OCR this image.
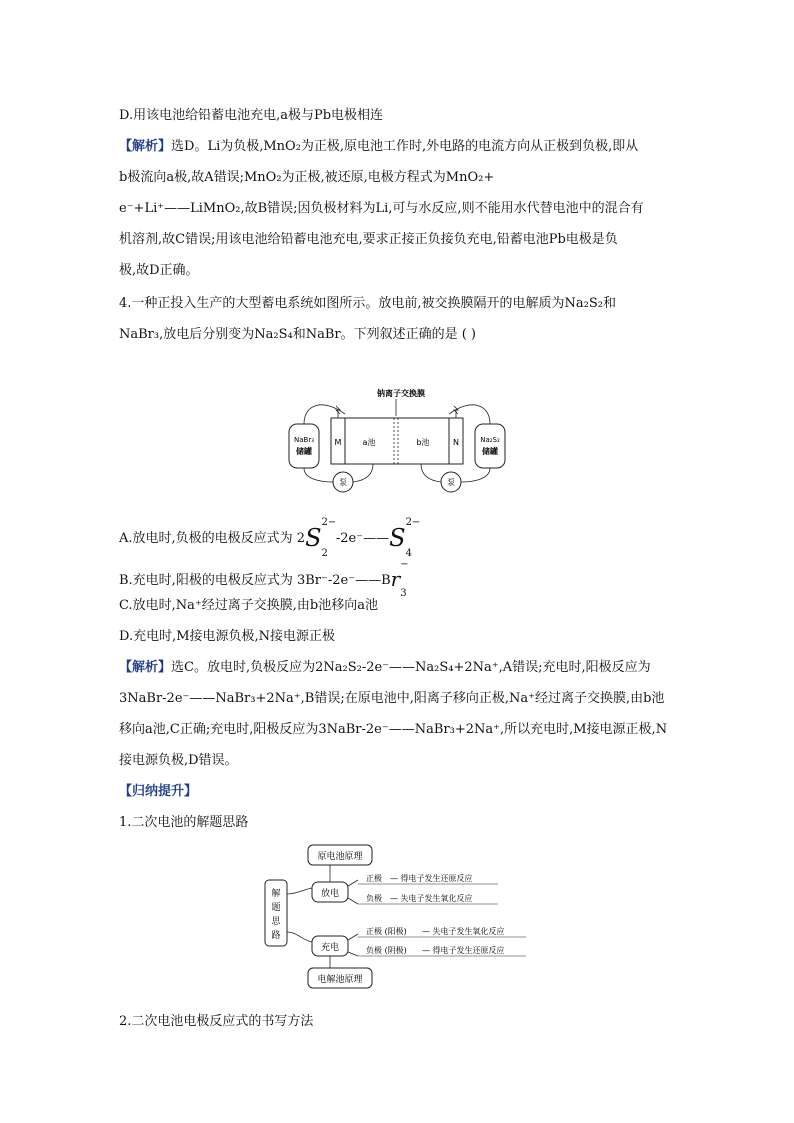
D.用该电池给铅蓄电池充电,a极与Pb电极相连
【解析】选D。Li为负极,MnO₂为正极,原电池工作时,外电路的电流方向从正极到负极,即从
b极流向a极,故A错误;MnO₂为正极,被还原,电极方程式为MnO₂+
e⁻+Li⁺——LiMnO₂,故B错误;因负极材料为Li,可与水反应,则不能用水代替电池中的混合有
机溶剂,故C错误;用该电池给铅蓄电池充电,要求正接正负接负充电,铅蓄电池Pb电极是负
极,故D正确。
4.一种正投入生产的大型蓄电系统如图所示。放电前,被交换膜隔开的电解质为Na₂S₂和
NaBr₃,放电后分别变为Na₂S₄和NaBr。下列叙述正确的是 ( )
钠离子交换膜
NaBr₃
储罐
Na₂S₂
储罐
M	N
a池	b池
泵	泵
A.放电时,负极的电极反应式为 2S
2−
$_2$-2e⁻——S
2−
$_4$
B.充电时,阳极的电极反应式为 3Br⁻-2e⁻——Br
−
$_3$
C.放电时,Na⁺经过离子交换膜,由b池移向a池
D.充电时,M接电源负极,N接电源正极
【解析】选C。放电时,负极反应为2Na₂S₂-2e⁻——Na₂S₄+2Na⁺,A错误;充电时,阳极反应为
3NaBr-2e⁻——NaBr₃+2Na⁺,B错误;在原电池中,阳离子移向正极,Na⁺经过离子交换膜,由b池
移向a池,C正确;充电时,阳极反应为3NaBr-2e⁻——NaBr₃+2Na⁺,所以充电时,M接电源正极,N
接电源负极,D错误。
【归纳提升】
1.二次电池的解题思路
解
题
思
路
放电
充电
原电池原理
电解池原理
正极 — 得电子发生还原反应
负极 — 失电子发生氧化反应
正极 (阳极) — 失电子发生氧化反应
负极 (阴极) — 得电子发生还原反应
2.二次电池电极反应式的书写方法
